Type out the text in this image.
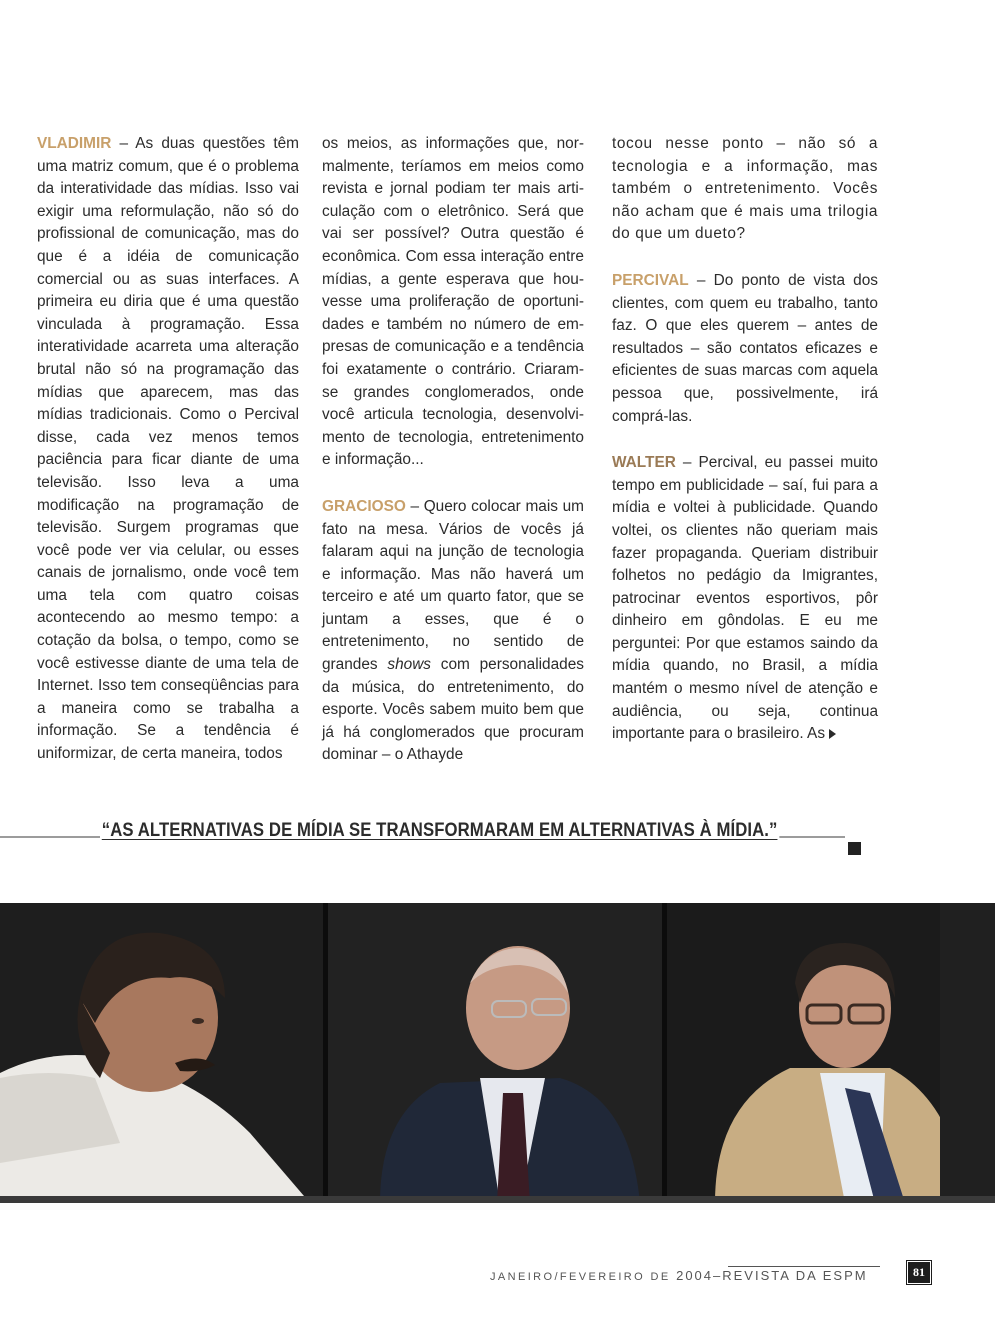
VLADIMIR – As duas questões têm uma matriz comum, que é o problema da interatividade das mídias. Isso vai exigir uma reformulação, não só do profissional de comunicação, mas do que é a idéia de comunicação comercial ou as suas interfaces. A primeira eu diria que é uma questão vinculada à programação. Essa interatividade acarreta uma alteração brutal não só na programação das mídias que aparecem, mas das mídias tradicionais. Como o Percival disse, cada vez menos temos paciência para ficar diante de uma televisão. Isso leva a uma modificação na programação de televisão. Surgem programas que você pode ver via celular, ou esses canais de jornalismo, onde você tem uma tela com quatro coisas acontecendo ao mesmo tempo: a cotação da bolsa, o tempo, como se você estivesse diante de uma tela de Internet. Isso tem conseqüências para a maneira como se trabalha a informação. Se a tendência é uniformizar, de certa maneira, todos

os meios, as informações que, normalmente, teríamos em meios como revista e jornal podiam ter mais articulação com o eletrônico. Será que vai ser possível? Outra questão é econômica. Com essa interação entre mídias, a gente esperava que houvesse uma proliferação de oportunidades e também no número de empresas de comunicação e a tendência foi exatamente o contrário. Criaram-se grandes conglomerados, onde você articula tecnologia, desenvolvimento de tecnologia, entretenimento e informação...

GRACIOSO – Quero colocar mais um fato na mesa. Vários de vocês já falaram aqui na junção de tecnologia e informação. Mas não haverá um terceiro e até um quarto fator, que se juntam a esses, que é o entretenimento, no sentido de grandes shows com personalidades da música, do entretenimento, do esporte. Vocês sabem muito bem que já há conglomerados que procuram dominar – o Athayde

tocou nesse ponto – não só a tecnologia e a informação, mas também o entretenimento. Vocês não acham que é mais uma trilogia do que um dueto?

PERCIVAL – Do ponto de vista dos clientes, com quem eu trabalho, tanto faz. O que eles querem – antes de resultados – são contatos eficazes e eficientes de suas marcas com aquela pessoa que, possivelmente, irá comprá-las.

WALTER – Percival, eu passei muito tempo em publicidade – saí, fui para a mídia e voltei à publicidade. Quando voltei, os clientes não queriam mais fazer propaganda. Queriam distribuir folhetos no pedágio da Imigrantes, patrocinar eventos esportivos, pôr dinheiro em gôndolas. E eu me perguntei: Por que estamos saindo da mídia quando, no Brasil, a mídia mantém o mesmo nível de atenção e audiência, ou seja, continua importante para o brasileiro. As

“AS ALTERNATIVAS DE MÍDIA SE TRANSFORMARAM EM ALTERNATIVAS À MÍDIA.”
JANEIRO/FEVEREIRO DE 2004–REVISTA DA ESPM	81
